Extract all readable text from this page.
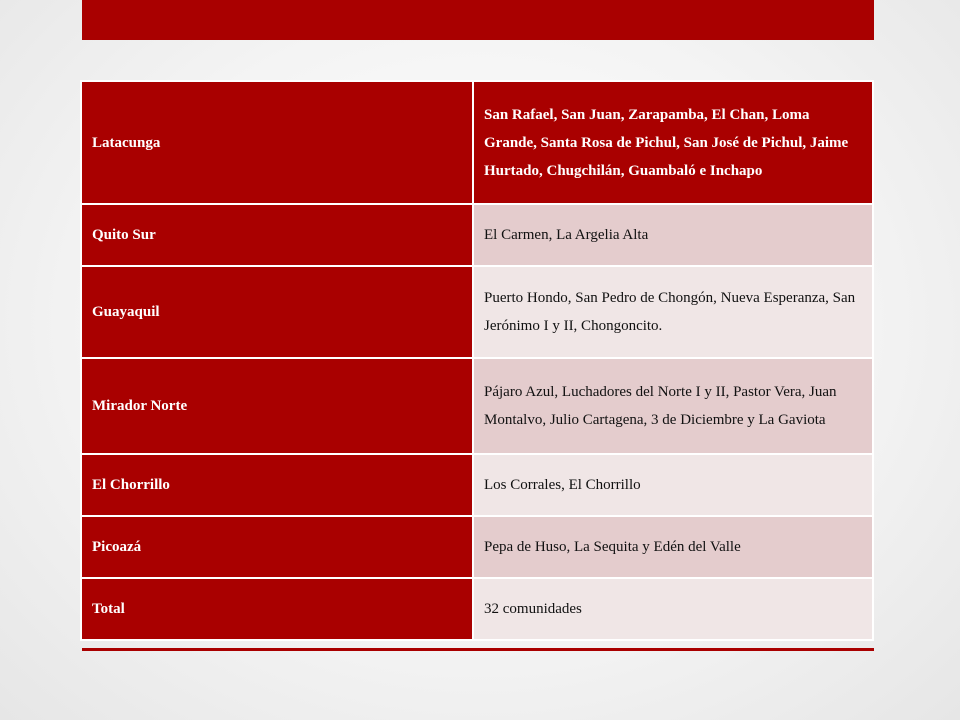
Latacunga	San Rafael, San Juan, Zarapamba, El Chan, Loma Grande, Santa Rosa de Pichul, San José de Pichul, Jaime Hurtado, Chugchilán, Guambaló e Inchapo

Quito Sur	El Carmen, La Argelia Alta

Guayaquil	Puerto Hondo, San Pedro de Chongón, Nueva Esperanza, San Jerónimo I y II, Chongoncito.

Mirador Norte	Pájaro Azul, Luchadores del Norte I y II, Pastor Vera, Juan Montalvo, Julio Cartagena, 3 de Diciembre y La Gaviota

El Chorrillo	Los Corrales, El Chorrillo

Picoazá	Pepa de Huso, La Sequita y Edén del Valle

Total	32 comunidades
